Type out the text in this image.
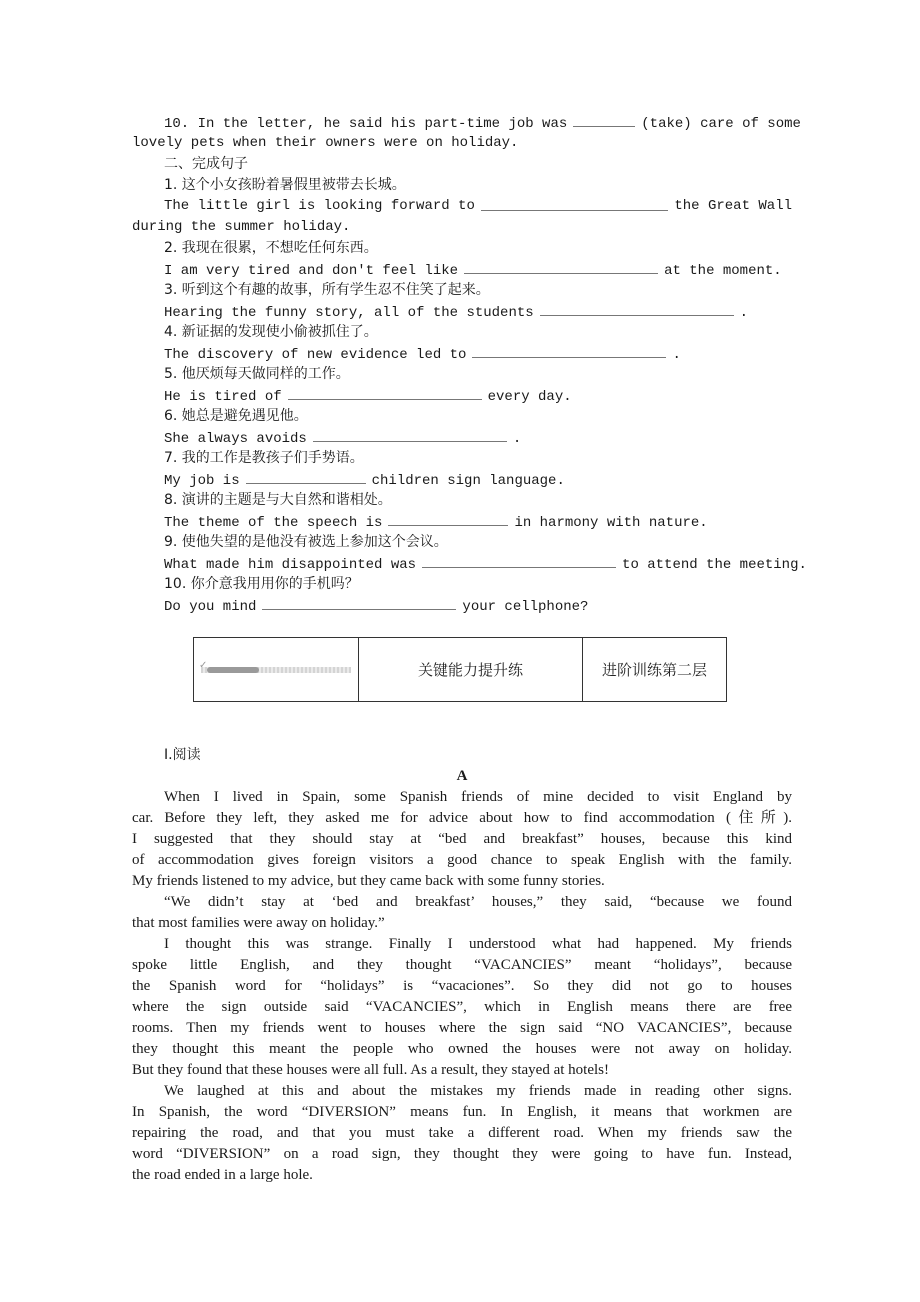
10. In the letter, he said his part-time job was	(take) care of some
lovely pets when their owners were on holiday.
二、完成句子
1. 这个小女孩盼着暑假里被带去长城。
The little girl is looking forward to	the Great Wall
during the summer holiday.
2. 我现在很累，不想吃任何东西。
I am very tired and don't feel like	at the moment.
3. 听到这个有趣的故事，所有学生忍不住笑了起来。
Hearing the funny story, all of the students	.
4. 新证据的发现使小偷被抓住了。
The discovery of new evidence led to	.
5. 他厌烦每天做同样的工作。
He is tired of	every day.
6. 她总是避免遇见他。
She always avoids	.
7. 我的工作是教孩子们手势语。
My job is	children sign language.
8. 演讲的主题是与大自然和谐相处。
The theme of the speech is	in harmony with nature.
9. 使他失望的是他没有被选上参加这个会议。
What made him disappointed was	to attend the meeting.
10. 你介意我用用你的手机吗？
Do you mind	your cellphone?
✓	关键能力提升练	进阶训练第二层
Ⅰ.阅读
A
When I lived in Spain, some Spanish friends of mine decided to visit England by
car. Before they left, they asked me for advice about how to find accommodation (住所).
I suggested that they should stay at “bed and breakfast” houses, because this kind
of accommodation gives foreign visitors a good chance to speak English with the family.
My friends listened to my advice, but they came back with some funny stories.
“We didn’t stay at ‘bed and breakfast’ houses,” they said, “because we found
that most families were away on holiday.”
I thought this was strange. Finally I understood what had happened. My friends
spoke little English, and they thought “VACANCIES” meant “holidays”, because
the Spanish word for “holidays” is “vacaciones”. So they did not go to houses
where the sign outside said “VACANCIES”, which in English means there are free
rooms. Then my friends went to houses where the sign said “NO VACANCIES”, because
they thought this meant the people who owned the houses were not away on holiday.
But they found that these houses were all full. As a result, they stayed at hotels!
We laughed at this and about the mistakes my friends made in reading other signs.
In Spanish, the word “DIVERSION” means fun. In English, it means that workmen are
repairing the road, and that you must take a different road. When my friends saw the
word “DIVERSION” on a road sign, they thought they were going to have fun. Instead,
the road ended in a large hole.
